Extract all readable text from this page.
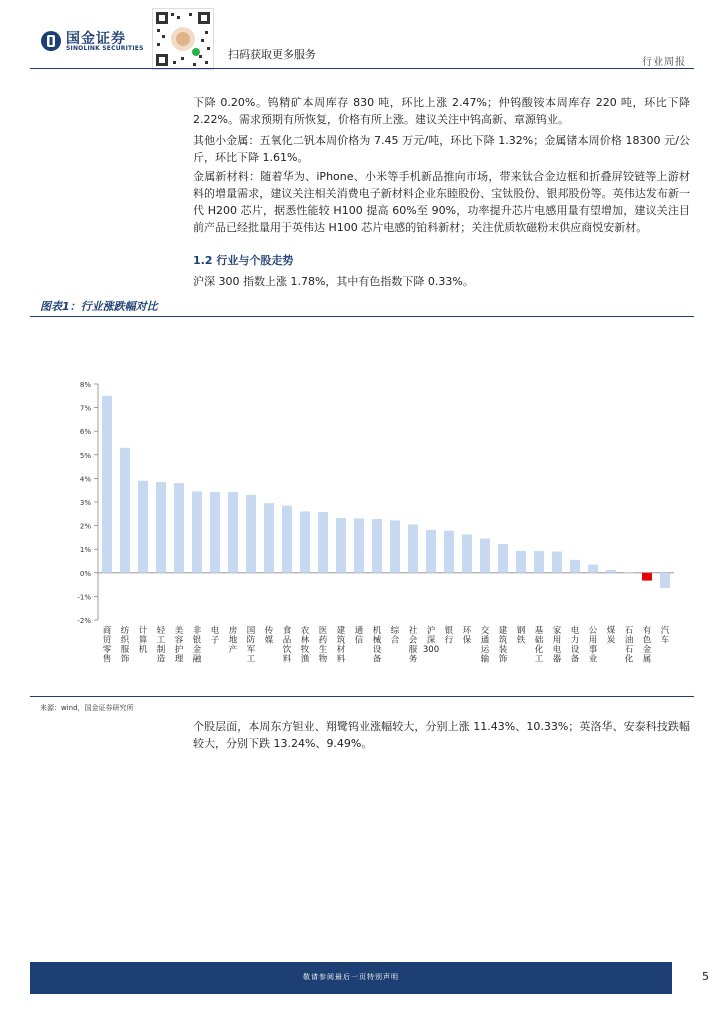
国金证券
SINOLINK SECURITIES	扫码获取更多服务
行业周报
下降 0.20%。钨精矿本周库存 830 吨，环比上涨 2.47%；仲钨酸铵本周库存 220 吨，环比下降 2.22%。需求预期有所恢复，价格有所上涨。建议关注中钨高新、章源钨业。
其他小金属：五氧化二钒本周价格为 7.45 万元/吨，环比下降 1.32%；金属锗本周价格 18300 元/公斤，环比下降 1.61%。
金属新材料：随着华为、iPhone、小米等手机新品推向市场，带来钛合金边框和折叠屏铰链等上游材料的增量需求，建议关注相关消费电子新材料企业东睦股份、宝钛股份、银邦股份等。英伟达发布新一代 H200 芯片，据悉性能较 H100 提高 60%至 90%，功率提升芯片电感用量有望增加，建议关注目前产品已经批量用于英伟达 H100 芯片电感的铂科新材；关注优质软磁粉末供应商悦安新材。
1.2 行业与个股走势
沪深 300 指数上涨 1.78%，其中有色指数下降 0.33%。
图表1：行业涨跌幅对比
-2%
-1%
0%
1%
2%
3%
4%
5%
6%
7%
8%
商贸零售
纺织服饰
计算机
轻工制造
美容护理
非银金融
电子
房地产
国防军工
传媒
食品饮料
农林牧渔
医药生物
建筑材料
通信
机械设备
综合
社会服务
沪深 300
银行
环保
交通运输
建筑装饰
钢铁
基础化工
家用电器
电力设备
公用事业
煤炭
石油石化
有色金属
汽车
来源：wind，国金证券研究所
个股层面，本周东方钽业、翔鹭钨业涨幅较大，分别上涨 11.43%、10.33%；英洛华、安泰科技跌幅较大，分别下跌 13.24%、9.49%。
敬请参阅最后一页特别声明	5
